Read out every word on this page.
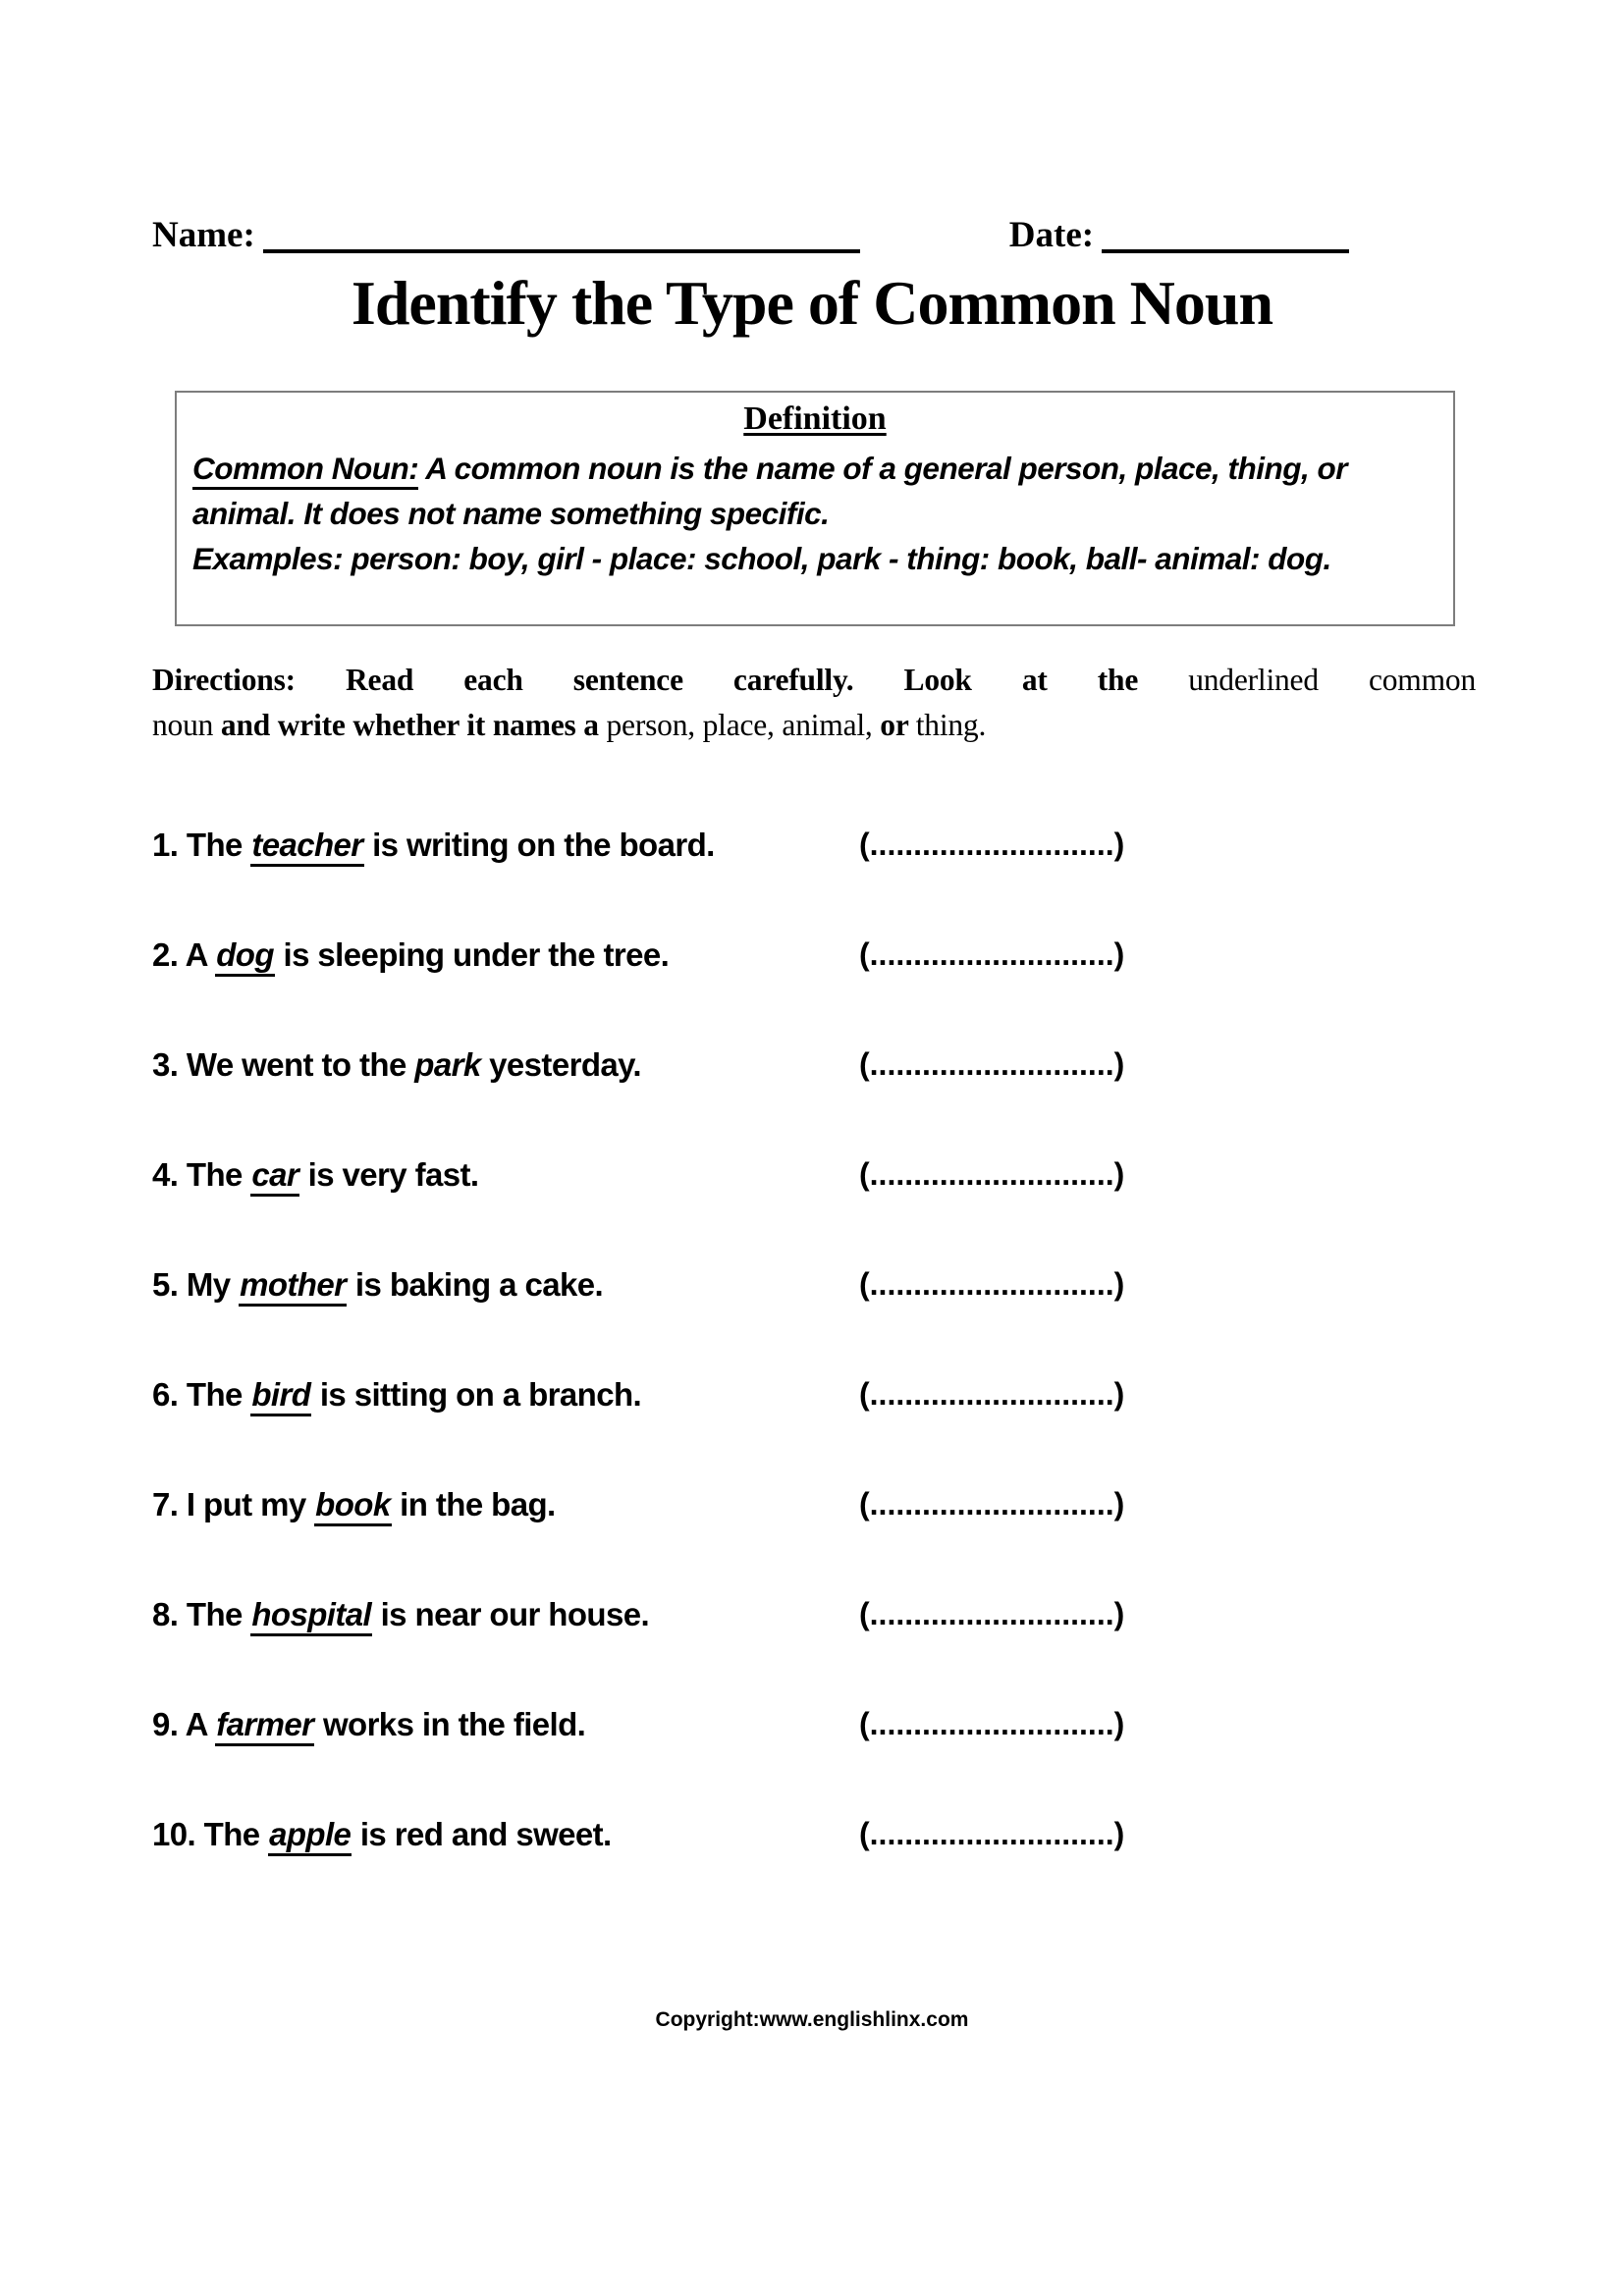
Name:	Date:
Identify the Type of Common Noun

Definition

Common Noun: A common noun is the name of a general person, place, thing, or animal. It does not name something specific.

Examples: person: boy, girl - place: school, park - thing: book, ball- animal: dog.

Directions: Read each sentence carefully. Look at the underlined common
noun and write whether it names a person, place, animal, or thing.
1. The teacher is writing on the board.	(............................)
2. A dog is sleeping under the tree.	(............................)
3. We went to the park yesterday.	(............................)
4. The car is very fast.	(............................)
5. My mother is baking a cake.	(............................)
6. The bird is sitting on a branch.	(............................)
7. I put my book in the bag.	(............................)
8. The hospital is near our house.	(............................)
9. A farmer works in the field.	(............................)
10. The apple is red and sweet.	(............................)
Copyright:www.englishlinx.com
